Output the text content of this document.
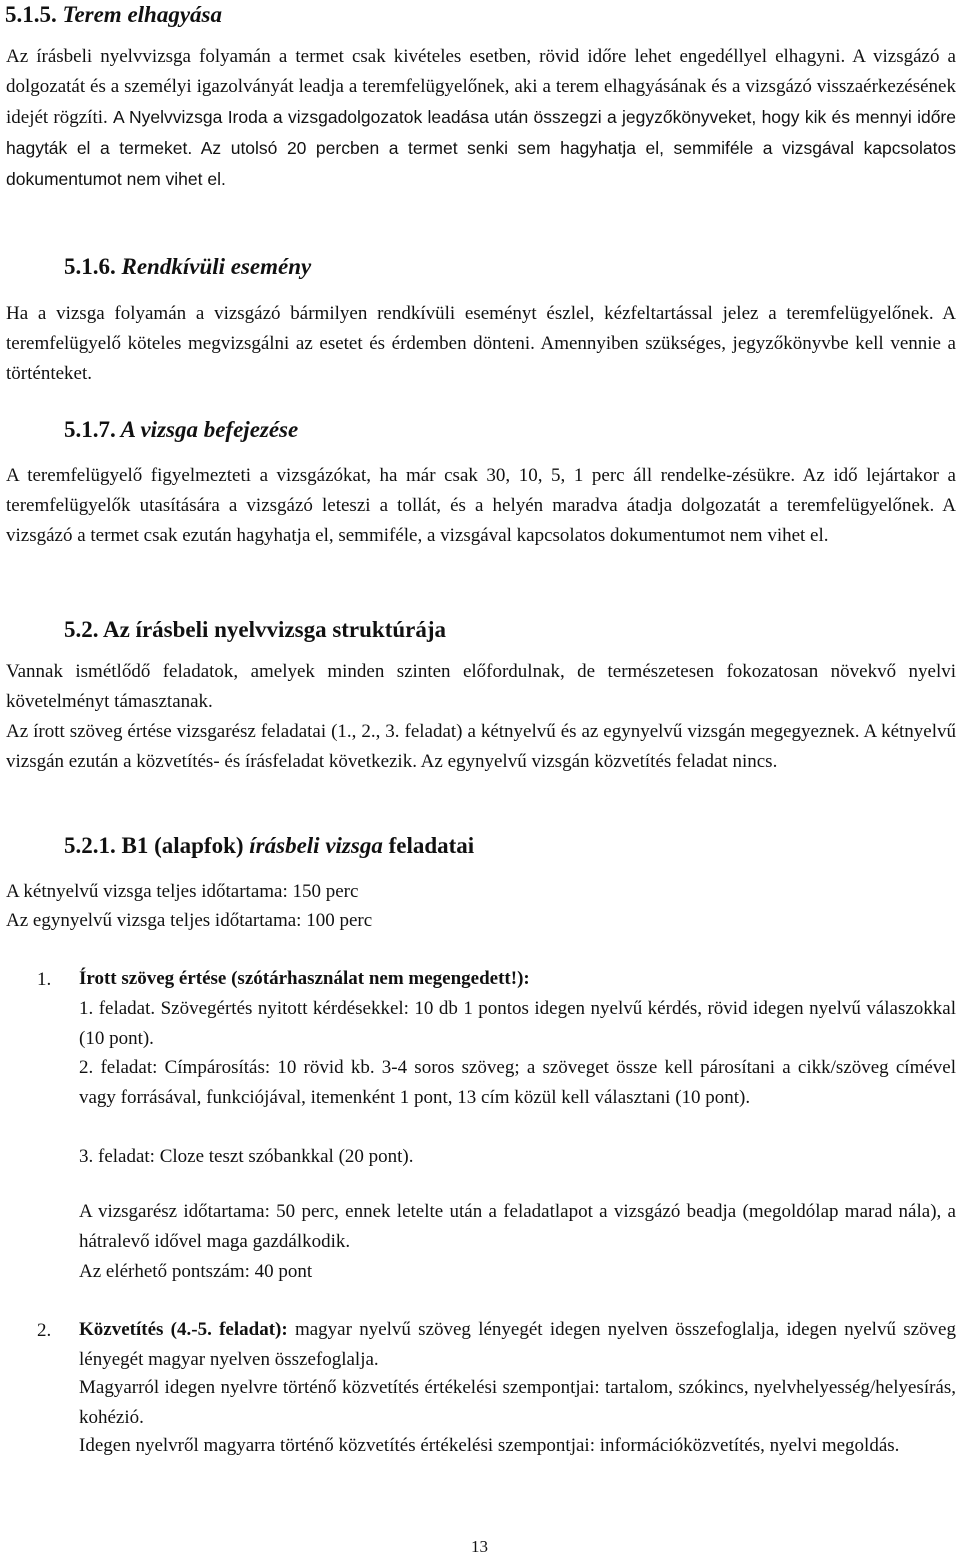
5.1.5. Terem elhagyása

Az írásbeli nyelvvizsga folyamán a termet csak kivételes esetben, rövid időre lehet engedéllyel elhagyni. A vizsgázó a dolgozatát és a személyi igazolványát leadja a teremfelügyelőnek, aki a terem elhagyásának és a vizsgázó visszaérkezésének idejét rögzíti. A Nyelvvizsga Iroda a vizsgadolgozatok leadása után összegzi a jegyzőkönyveket, hogy kik és mennyi időre hagyták el a termeket. Az utolsó 20 percben a termet senki sem hagyhatja el, semmiféle a vizsgával kapcsolatos dokumentumot nem vihet el.

5.1.6. Rendkívüli esemény

Ha a vizsga folyamán a vizsgázó bármilyen rendkívüli eseményt észlel, kézfeltartással jelez a teremfelügyelőnek. A teremfelügyelő köteles megvizsgálni az esetet és érdemben dönteni. Amennyiben szükséges, jegyzőkönyvbe kell vennie a történteket.

5.1.7. A vizsga befejezése

A teremfelügyelő figyelmezteti a vizsgázókat, ha már csak 30, 10, 5, 1 perc áll rendelke-zésükre. Az idő lejártakor a teremfelügyelők utasítására a vizsgázó leteszi a tollát, és a helyén maradva átadja dolgozatát a teremfelügyelőnek. A vizsgázó a termet csak ezután hagyhatja el, semmiféle, a vizsgával kapcsolatos dokumentumot nem vihet el.

5.2. Az írásbeli nyelvvizsga struktúrája

Vannak ismétlődő feladatok, amelyek minden szinten előfordulnak, de természetesen fokozatosan növekvő nyelvi követelményt támasztanak.

Az írott szöveg értése vizsgarész feladatai (1., 2., 3. feladat) a kétnyelvű és az egynyelvű vizsgán megegyeznek. A kétnyelvű vizsgán ezután a közvetítés- és írásfeladat következik. Az egynyelvű vizsgán közvetítés feladat nincs.

5.2.1. B1 (alapfok) írásbeli vizsga feladatai

A kétnyelvű vizsga teljes időtartama: 150 perc

Az egynyelvű vizsga teljes időtartama: 100 perc

1. Írott szöveg értése (szótárhasználat nem megengedett!):

1. feladat. Szövegértés nyitott kérdésekkel: 10 db 1 pontos idegen nyelvű kérdés, rövid idegen nyelvű válaszokkal (10 pont).

2. feladat: Címpárosítás: 10 rövid kb. 3-4 soros szöveg; a szöveget össze kell párosítani a cikk/szöveg címével vagy forrásával, funkciójával, itemenként 1 pont, 13 cím közül kell választani (10 pont).

3. feladat: Cloze teszt szóbankkal (20 pont).

A vizsgarész időtartama: 50 perc, ennek letelte után a feladatlapot a vizsgázó beadja (megoldólap marad nála), a hátralevő idővel maga gazdálkodik.

Az elérhető pontszám: 40 pont

2. Közvetítés (4.-5. feladat): magyar nyelvű szöveg lényegét idegen nyelven összefoglalja, idegen nyelvű szöveg lényegét magyar nyelven összefoglalja.

Magyarról idegen nyelvre történő közvetítés értékelési szempontjai: tartalom, szókincs, nyelvhelyesség/helyesírás, kohézió.

Idegen nyelvről magyarra történő közvetítés értékelési szempontjai: információközvetítés, nyelvi megoldás.

13
